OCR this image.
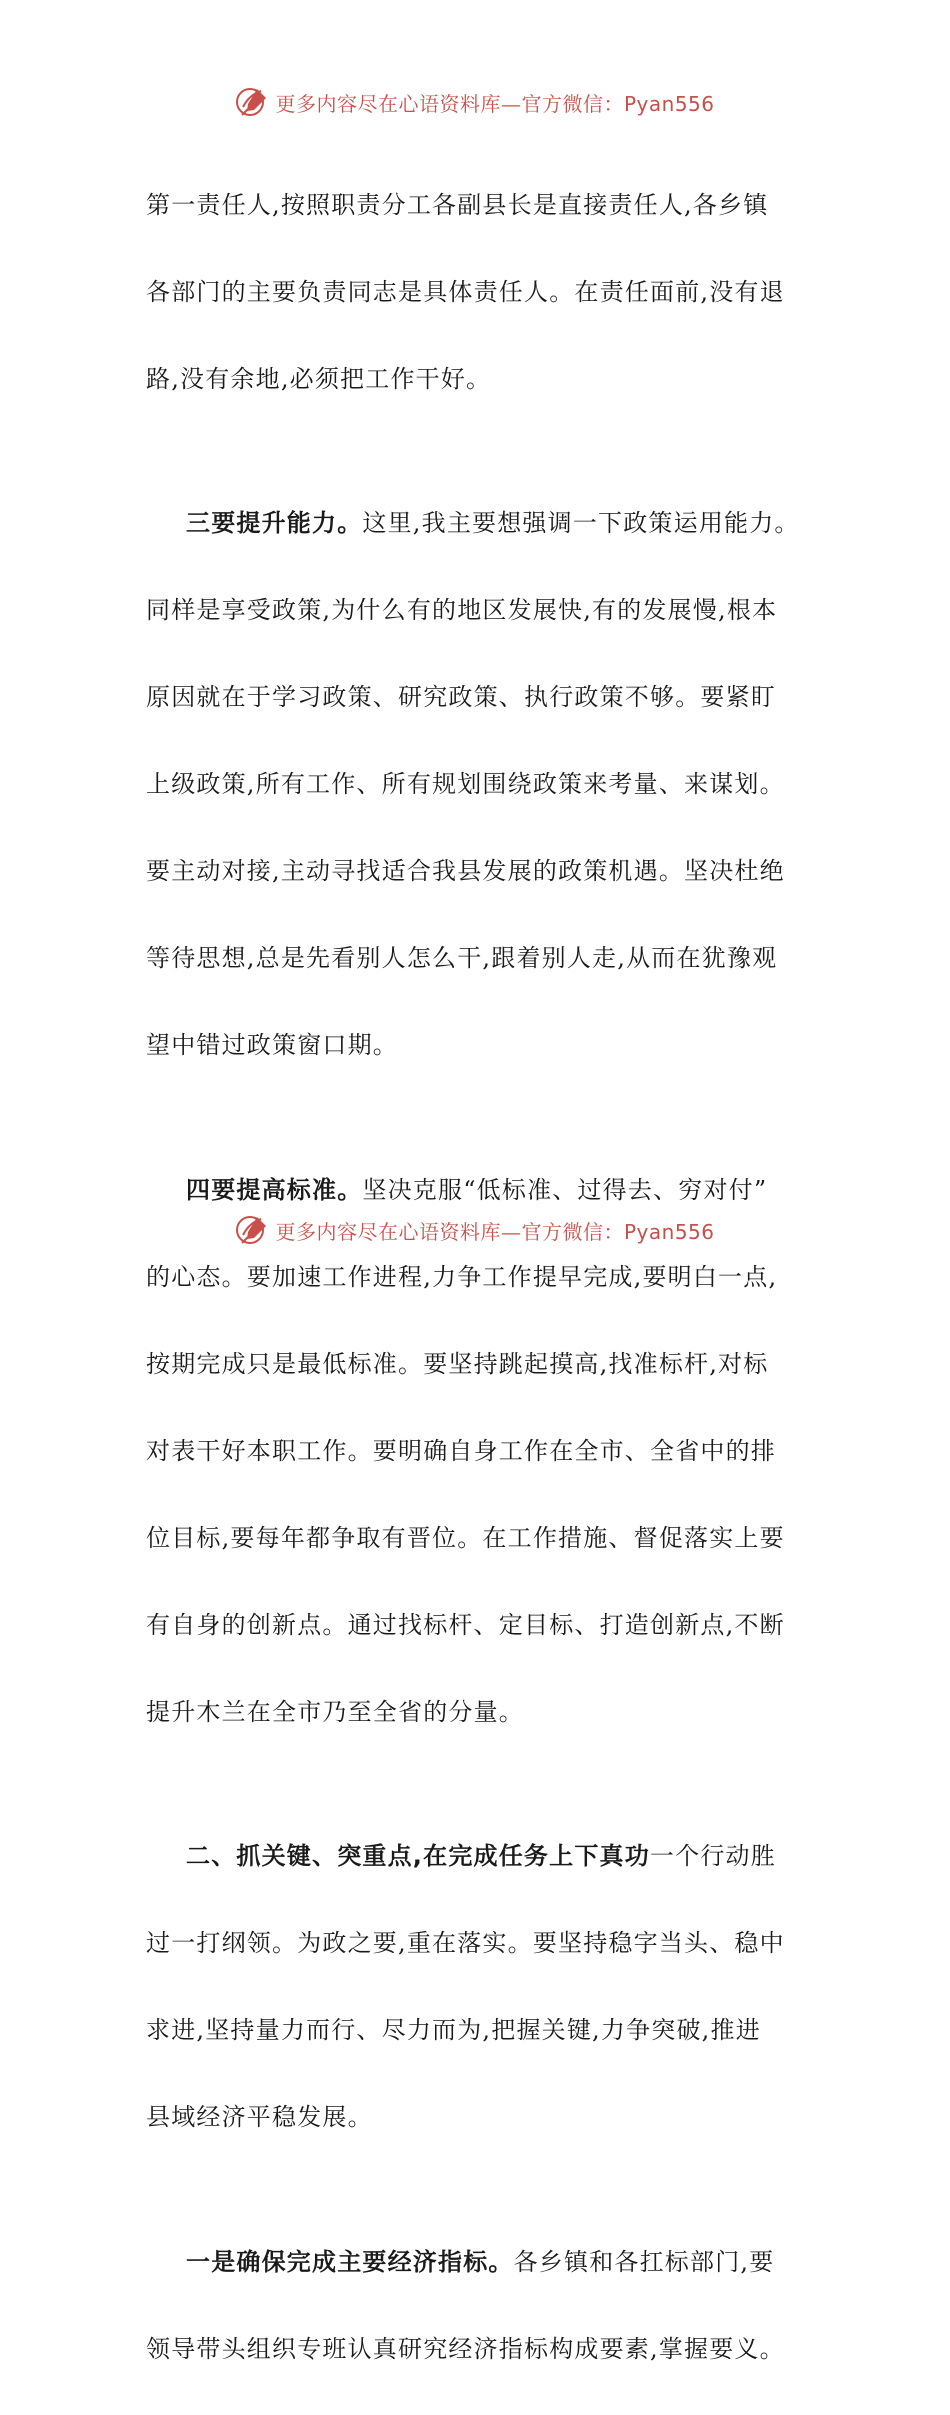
更多内容尽在心语资料库—官方微信：Pyan556

第一责任人,按照职责分工各副县长是直接责任人,各乡镇

各部门的主要负责同志是具体责任人。在责任面前,没有退

路,没有余地,必须把工作干好。

三要提升能力。这里,我主要想强调一下政策运用能力。

同样是享受政策,为什么有的地区发展快,有的发展慢,根本

原因就在于学习政策、研究政策、执行政策不够。要紧盯

上级政策,所有工作、所有规划围绕政策来考量、来谋划。

要主动对接,主动寻找适合我县发展的政策机遇。坚决杜绝

等待思想,总是先看别人怎么干,跟着别人走,从而在犹豫观

望中错过政策窗口期。

四要提高标准。坚决克服“低标准、过得去、穷对付”

的心态。要加速工作进程,力争工作提早完成,要明白一点,

按期完成只是最低标准。要坚持跳起摸高,找准标杆,对标

对表干好本职工作。要明确自身工作在全市、全省中的排

位目标,要每年都争取有晋位。在工作措施、督促落实上要

有自身的创新点。通过找标杆、定目标、打造创新点,不断

提升木兰在全市乃至全省的分量。

二、抓关键、突重点,在完成任务上下真功一个行动胜

过一打纲领。为政之要,重在落实。要坚持稳字当头、稳中

求进,坚持量力而行、尽力而为,把握关键,力争突破,推进

县域经济平稳发展。

一是确保完成主要经济指标。各乡镇和各扛标部门,要

领导带头组织专班认真研究经济指标构成要素,掌握要义。

更多内容尽在心语资料库—官方微信：Pyan556
